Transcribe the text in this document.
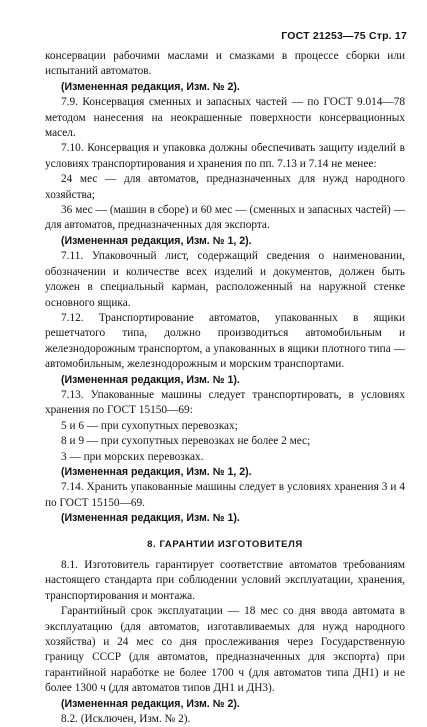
ГОСТ 21253—75 Стр. 17

консервации рабочими маслами и смазками в процессе сборки или испытаний автоматов.

(Измененная редакция, Изм. № 2).

7.9. Консервация сменных и запасных частей — по ГОСТ 9.014—78 методом нанесения на неокрашенные поверхности консервационных масел.

7.10. Консервация и упаковка должны обеспечивать защиту изделий в условиях транспортирования и хранения по пп. 7.13 и 7.14 не менее:

24 мес — для автоматов, предназначенных для нужд народного хозяйства;

36 мес — (машин в сборе) и 60 мес — (сменных и запасных частей) — для автоматов, предназначенных для экспорта.

(Измененная редакция, Изм. № 1, 2).

7.11. Упаковочный лист, содержащий сведения о наименовании, обозначении и количестве всех изделий и документов, должен быть уложен в специальный карман, расположенный на наружной стенке основного ящика.

7.12. Транспортирование автоматов, упакованных в ящики решетчатого типа, должно производиться автомобильным и железнодорожным транспортом, а упакованных в ящики плотного типа — автомобильным, железнодорожным и морским транспортами.

(Измененная редакция, Изм. № 1).

7.13. Упакованные машины следует транспортировать, в условиях хранения по ГОСТ 15150—69:

5 и 6 — при сухопутных перевозках;

8 и 9 — при сухопутных перевозках не более 2 мес;

3 — при морских перевозках.

(Измененная редакция, Изм. № 1, 2).

7.14. Хранить упакованные машины следует в условиях хранения 3 и 4 по ГОСТ 15150—69.

(Измененная редакция, Изм. № 1).

8. ГАРАНТИИ ИЗГОТОВИТЕЛЯ

8.1. Изготовитель гарантирует соответствие автоматов требованиям настоящего стандарта при соблюдении условий эксплуатации, хранения, транспортирования и монтажа.

Гарантийный срок эксплуатации — 18 мес со дня ввода автомата в эксплуатацию (для автоматов, изготавливаемых для нужд народного хозяйства) и 24 мес со дня прослеживания через Государственную границу СССР (для автоматов, предназначенных для экспорта) при гарантийной наработке не более 1700 ч (для автоматов типа ДН1) и не более 1300 ч (для автоматов типов ДН1 и ДН3).

(Измененная редакция, Изм. № 2).

8.2. (Исключен, Изм. № 2).
